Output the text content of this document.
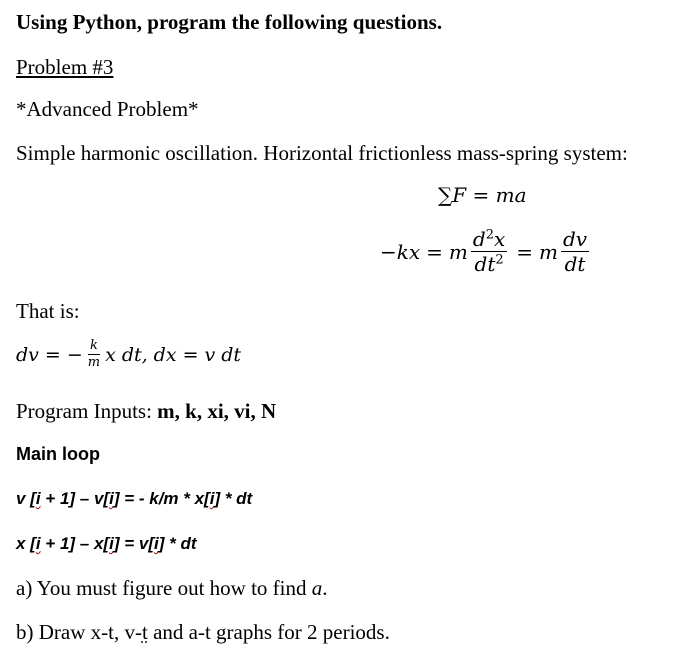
Using Python, program the following questions.
Problem #3
*Advanced Problem*
Simple harmonic oscillation. Horizontal frictionless mass-spring system:
∑F = ma
−kx = m $\frac{d^2x}{dt^2} = m \frac{dv}{dt}$
That is:
dv = − $\frac{k}{m}$ x dt, dx = v dt
Program Inputs: m, k, xi, vi, N
Main loop
v [i + 1] – v[i] = - k/m * x[i] * dt
x [i + 1] – x[i] = v[i] * dt
a) You must figure out how to find a.
b) Draw x-t, v-t and a-t graphs for 2 periods.
